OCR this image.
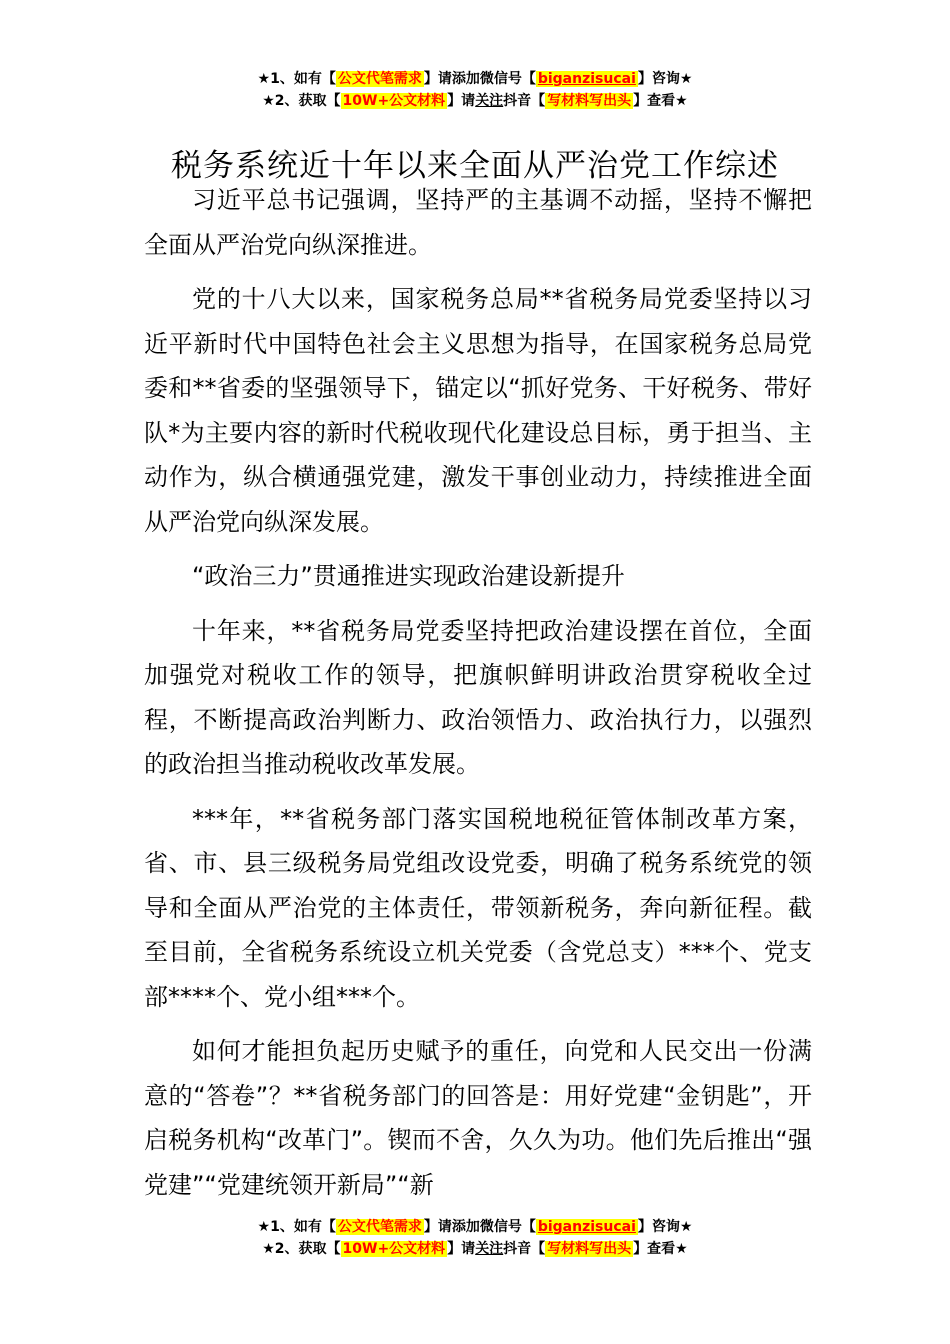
★1、如有【 公文代笔需求 】请添加微信号【 biganzisucai 】咨询★
★2、获取【 10W+公文材料 】请关注抖音【 写材料写出头 】查看★
税务系统近十年以来全面从严治党工作综述

习近平总书记强调，坚持严的主基调不动摇，坚持不懈把全面从严治党向纵深推进。

党的十八大以来，国家税务总局**省税务局党委坚持以习近平新时代中国特色社会主义思想为指导，在国家税务总局党委和**省委的坚强领导下，锚定以“抓好党务、干好税务、带好队*为主要内容的新时代税收现代化建设总目标，勇于担当、主动作为，纵合横通强党建，激发干事创业动力，持续推进全面从严治党向纵深发展。

“政治三力”贯通推进实现政治建设新提升

十年来，**省税务局党委坚持把政治建设摆在首位，全面加强党对税收工作的领导，把旗帜鲜明讲政治贯穿税收全过程，不断提高政治判断力、政治领悟力、政治执行力，以强烈的政治担当推动税收改革发展。

***年，**省税务部门落实国税地税征管体制改革方案，省、市、县三级税务局党组改设党委，明确了税务系统党的领导和全面从严治党的主体责任，带领新税务，奔向新征程。截至目前，全省税务系统设立机关党委（含党总支）***个、党支部****个、党小组***个。

如何才能担负起历史赋予的重任，向党和人民交出一份满意的“答卷”？**省税务部门的回答是：用好党建“金钥匙”，开启税务机构“改革门”。锲而不舍，久久为功。他们先后推出“强党建”“党建统领开新局”“新

★1、如有【 公文代笔需求 】请添加微信号【 biganzisucai 】咨询★
★2、获取【 10W+公文材料 】请关注抖音【 写材料写出头 】查看★
